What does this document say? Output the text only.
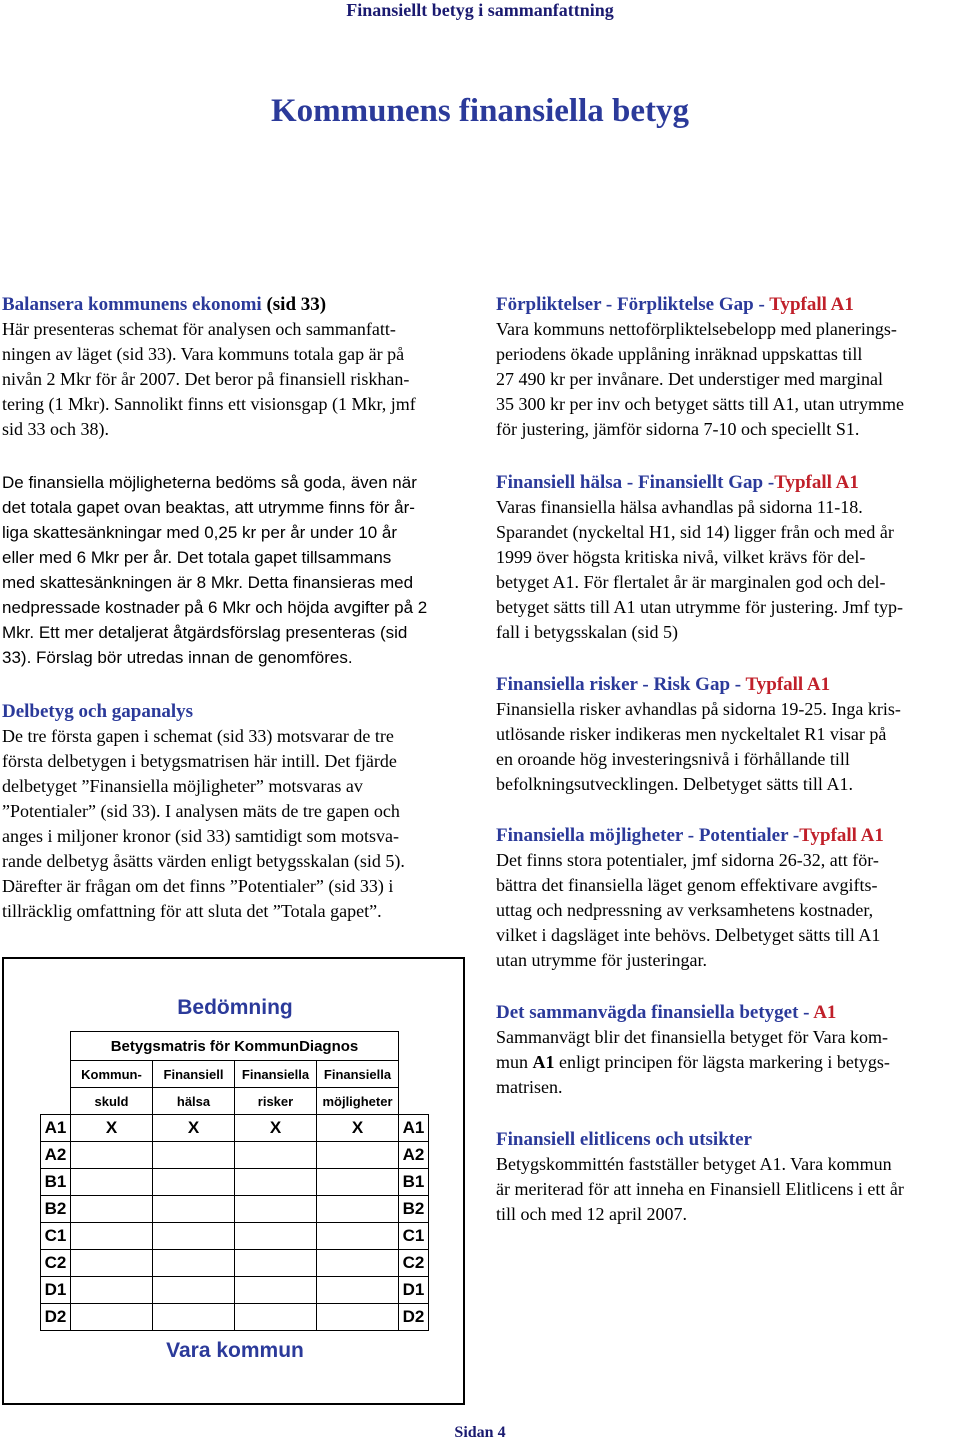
Finansiellt betyg i sammanfattning
Kommunens finansiella betyg

Balansera kommunens ekonomi (sid 33)

Här presenteras schemat för analysen och sammanfatt-

ningen av läget (sid 33). Vara kommuns totala gap är på

nivån 2 Mkr för år 2007. Det beror på finansiell riskhan-

tering (1 Mkr). Sannolikt finns ett visionsgap (1 Mkr, jmf

sid 33 och 38).

De finansiella möjligheterna bedöms så goda, även när

det totala gapet ovan beaktas, att utrymme finns för år-

liga skattesänkningar med 0,25 kr per år under 10 år

eller med 6 Mkr per år. Det totala gapet tillsammans

med skattesänkningen är 8 Mkr. Detta finansieras med

nedpressade kostnader på 6 Mkr och höjda avgifter på 2

Mkr. Ett mer detaljerat åtgärdsförslag presenteras (sid

33). Förslag bör utredas innan de genomföres.

Delbetyg och gapanalys

De tre första gapen i schemat (sid 33) motsvarar de tre

första delbetygen i betygsmatrisen här intill. Det fjärde

delbetyget ”Finansiella möjligheter” motsvaras av

”Potentialer” (sid 33). I analysen mäts de tre gapen och

anges i miljoner kronor (sid 33) samtidigt som motsva-

rande delbetyg åsätts värden enligt betygsskalan (sid 5).

Därefter är frågan om det finns ”Potentialer” (sid 33) i

tillräcklig omfattning för att sluta det ”Totala gapet”.

Bedömning
	Betygsmatris för KommunDiagnos				
	Kommun-	Finansiell	Finansiella	Finansiella	
	skuld	hälsa	risker	möjligheter	
A1	X	X	X	X	A1
A2					A2
B1					B1
B2					B2
C1					C1
C2					C2
D1					D1
D2					D2
Vara kommun

Förpliktelser - Förpliktelse Gap - Typfall A1

Vara kommuns nettoförpliktelsebelopp med planerings-

periodens ökade upplåning inräknad uppskattas till

27 490 kr per invånare. Det understiger med marginal

35 300 kr per inv och betyget sätts till A1, utan utrymme

för justering, jämför sidorna 7-10 och speciellt S1.

Finansiell hälsa - Finansiellt Gap -Typfall A1

Varas finansiella hälsa avhandlas på sidorna 11-18.

Sparandet (nyckeltal H1, sid 14) ligger från och med år

1999 över högsta kritiska nivå, vilket krävs för del-

betyget A1. För flertalet år är marginalen god och del-

betyget sätts till A1 utan utrymme för justering. Jmf typ-

fall i betygsskalan (sid 5)

Finansiella risker - Risk Gap - Typfall A1

Finansiella risker avhandlas på sidorna 19-25. Inga kris-

utlösande risker indikeras men nyckeltalet R1 visar på

en oroande hög investeringsnivå i förhållande till

befolkningsutvecklingen. Delbetyget sätts till A1.

Finansiella möjligheter - Potentialer -Typfall A1

Det finns stora potentialer, jmf sidorna 26-32, att för-

bättra det finansiella läget genom effektivare avgifts-

uttag och nedpressning av verksamhetens kostnader,

vilket i dagsläget inte behövs. Delbetyget sätts till A1

utan utrymme för justeringar.

Det sammanvägda finansiella betyget - A1

Sammanvägt blir det finansiella betyget för Vara kom-

mun A1 enligt principen för lägsta markering i betygs-

matrisen.

Finansiell elitlicens och utsikter

Betygskommittén fastställer betyget A1. Vara kommun

är meriterad för att inneha en Finansiell Elitlicens i ett år

till och med 12 april 2007.

Sidan 4
